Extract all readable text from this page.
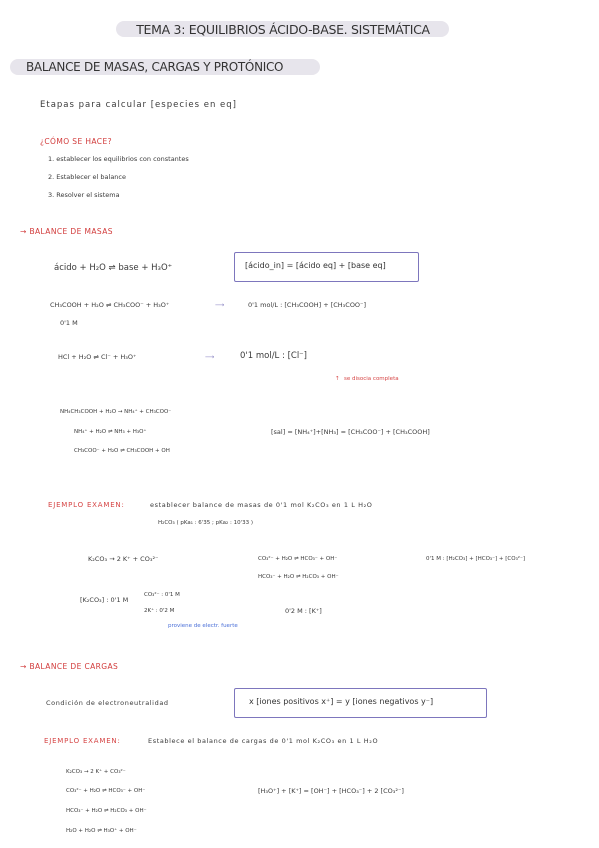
TEMA 3: EQUILIBRIOS ÁCIDO-BASE. SISTEMÁTICA
BALANCE DE MASAS, CARGAS Y PROTÓNICO
Etapas para calcular [especies en eq]
¿CÓMO SE HACE?
1. establecer los equilibrios con constantes
2. Establecer el balance
3. Resolver el sistema
→ BALANCE DE MASAS
ácido + H₂O ⇌ base + H₃O⁺	[ácido_in] = [ácido eq] + [base eq]
CH₃COOH + H₂O ⇌ CH₃COO⁻ + H₃O⁺
0'1 M
⟶	0'1 mol/L : [CH₃COOH] + [CH₃COO⁻]
HCl + H₂O ⇌ Cl⁻ + H₃O⁺	⟶	0'1 mol/L : [Cl⁻]
↑ se disocia completa
NH₄CH₃COOH + H₂O → NH₄⁺ + CH₃COO⁻
NH₄⁺ + H₂O ⇌ NH₃ + H₃O⁺
CH₃COO⁻ + H₂O ⇌ CH₃COOH + OH
[sal] = [NH₄⁺]+[NH₃] = [CH₃COO⁻] + [CH₃COOH]
EJEMPLO EXAMEN:	establecer balance de masas de 0'1 mol K₂CO₃ en 1 L H₂O
H₂CO₃ ( pKa₁ : 6'35 ; pKa₂ : 10'33 )
K₂CO₃ → 2 K⁺ + CO₃²⁻	CO₃²⁻ + H₂O ⇌ HCO₃⁻ + OH⁻
HCO₃⁻ + H₂O ⇌ H₂CO₃ + OH⁻
0'1 M : [H₂CO₃] + [HCO₃⁻] + [CO₃²⁻]
[K₂CO₃] : 0'1 M
CO₃²⁻ : 0'1 M
2K⁺ : 0'2 M	0'2 M : [K⁺]
proviene de electr. fuerte
→ BALANCE DE CARGAS
Condición de electroneutralidad	x [iones positivos x⁺] = y [iones negativos y⁻]
EJEMPLO EXAMEN:	Establece el balance de cargas de 0'1 mol K₂CO₃ en 1 L H₂O
K₂CO₃ → 2 K⁺ + CO₃²⁻
CO₃²⁻ + H₂O ⇌ HCO₃⁻ + OH⁻
HCO₃⁻ + H₂O ⇌ H₂CO₃ + OH⁻
H₂O + H₂O ⇌ H₃O⁺ + OH⁻
[H₃O⁺] + [K⁺] = [OH⁻] + [HCO₃⁻] + 2 [CO₃²⁻]
